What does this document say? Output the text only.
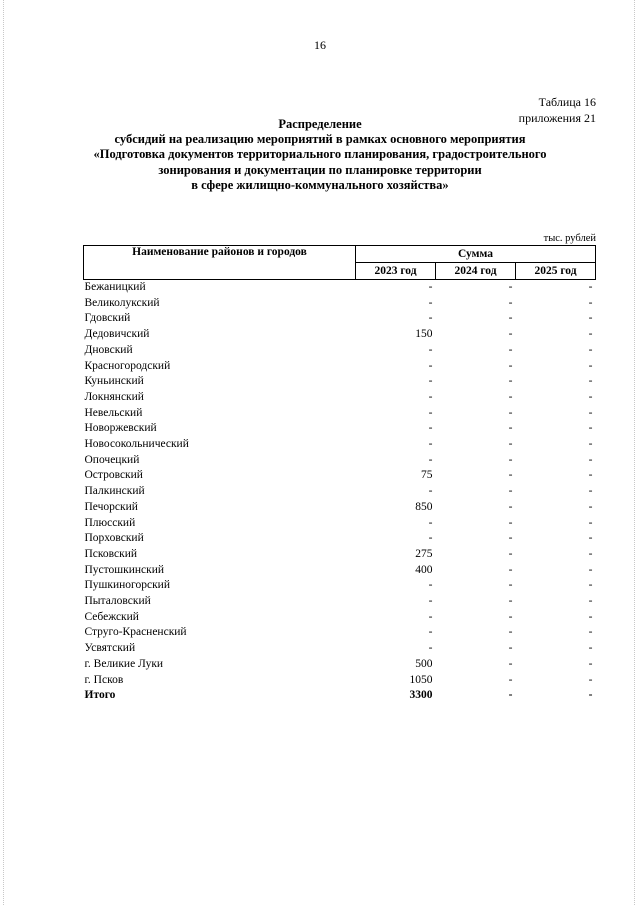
16
Таблица 16
приложения 21
Распределение
субсидий на реализацию мероприятий в рамках основного мероприятия
«Подготовка документов территориального планирования, градостроительного
зонирования и документации по планировке территории
в сфере жилищно-коммунального хозяйства»
тыс. рублей
Наименование районов и городов	Сумма		
	2023 год	2024 год	2025 год
Бежаницкий	-	-	-
Великолукский	-	-	-
Гдовский	-	-	-
Дедовичский	150	-	-
Дновский	-	-	-
Красногородский	-	-	-
Куньинский	-	-	-
Локнянский	-	-	-
Невельский	-	-	-
Новоржевский	-	-	-
Новосокольнический	-	-	-
Опочецкий	-	-	-
Островский	75	-	-
Палкинский	-	-	-
Печорский	850	-	-
Плюсский	-	-	-
Порховский	-	-	-
Псковский	275	-	-
Пустошкинский	400	-	-
Пушкиногорский	-	-	-
Пыталовский	-	-	-
Себежский	-	-	-
Струго-Красненский	-	-	-
Усвятский	-	-	-
г. Великие Луки	500	-	-
г. Псков	1050	-	-
Итого	3300	-	-
